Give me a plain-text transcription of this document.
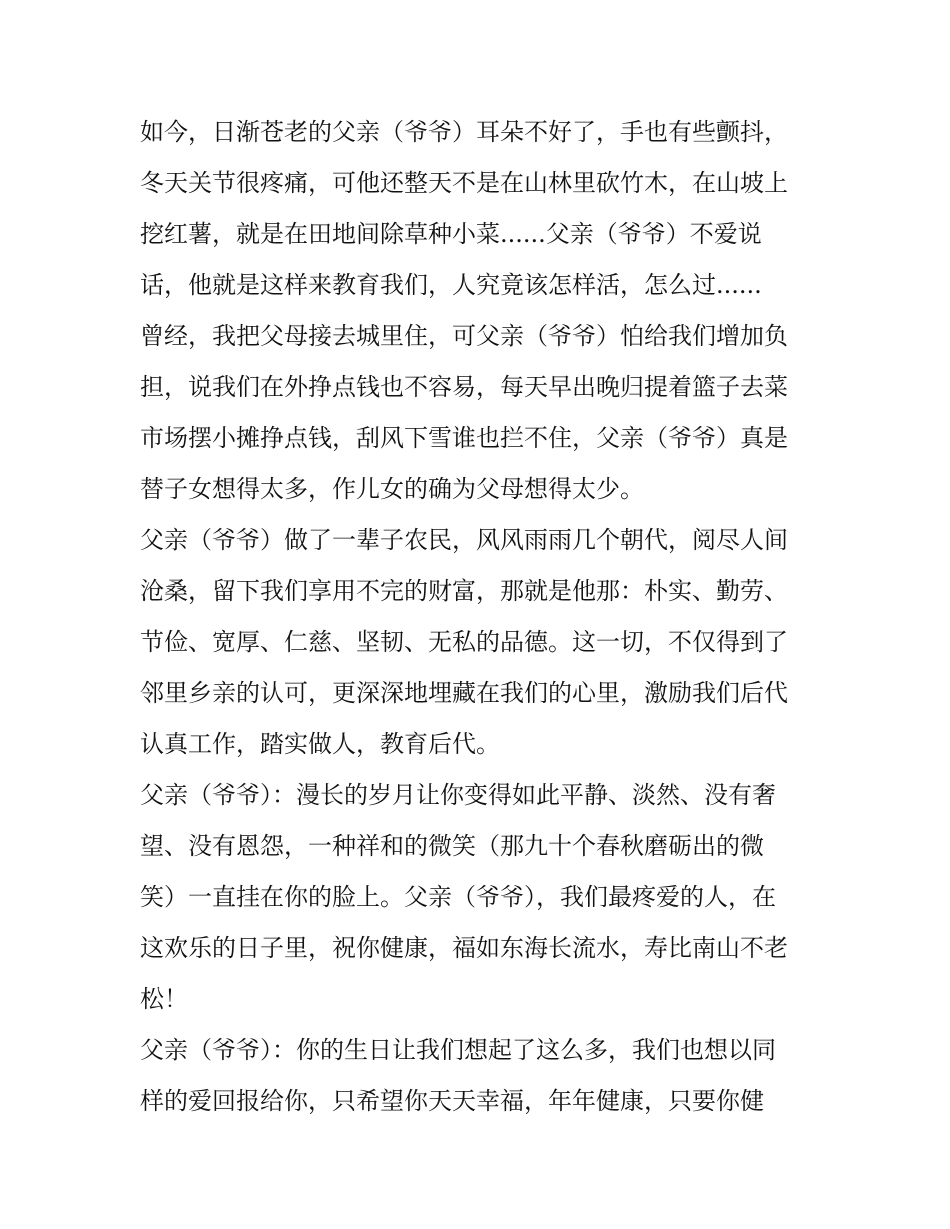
如今，日渐苍老的父亲（爷爷）耳朵不好了，手也有些颤抖，
冬天关节很疼痛，可他还整天不是在山林里砍竹木，在山坡上
挖红薯，就是在田地间除草种小菜......父亲（爷爷）不爱说
话，他就是这样来教育我们，人究竟该怎样活，怎么过......
曾经，我把父母接去城里住，可父亲（爷爷）怕给我们增加负
担，说我们在外挣点钱也不容易，每天早出晚归提着篮子去菜
市场摆小摊挣点钱，刮风下雪谁也拦不住，父亲（爷爷）真是
替子女想得太多，作儿女的确为父母想得太少。
父亲（爷爷）做了一辈子农民，风风雨雨几个朝代，阅尽人间
沧桑，留下我们享用不完的财富，那就是他那：朴实、勤劳、
节俭、宽厚、仁慈、坚韧、无私的品德。这一切，不仅得到了
邻里乡亲的认可，更深深地埋藏在我们的心里，激励我们后代
认真工作，踏实做人，教育后代。
父亲（爷爷）：漫长的岁月让你变得如此平静、淡然、没有奢
望、没有恩怨，一种祥和的微笑（那九十个春秋磨砺出的微
笑）一直挂在你的脸上。父亲（爷爷），我们最疼爱的人，在
这欢乐的日子里，祝你健康，福如东海长流水，寿比南山不老
松！
父亲（爷爷）：你的生日让我们想起了这么多，我们也想以同
样的爱回报给你，只希望你天天幸福，年年健康，只要你健
